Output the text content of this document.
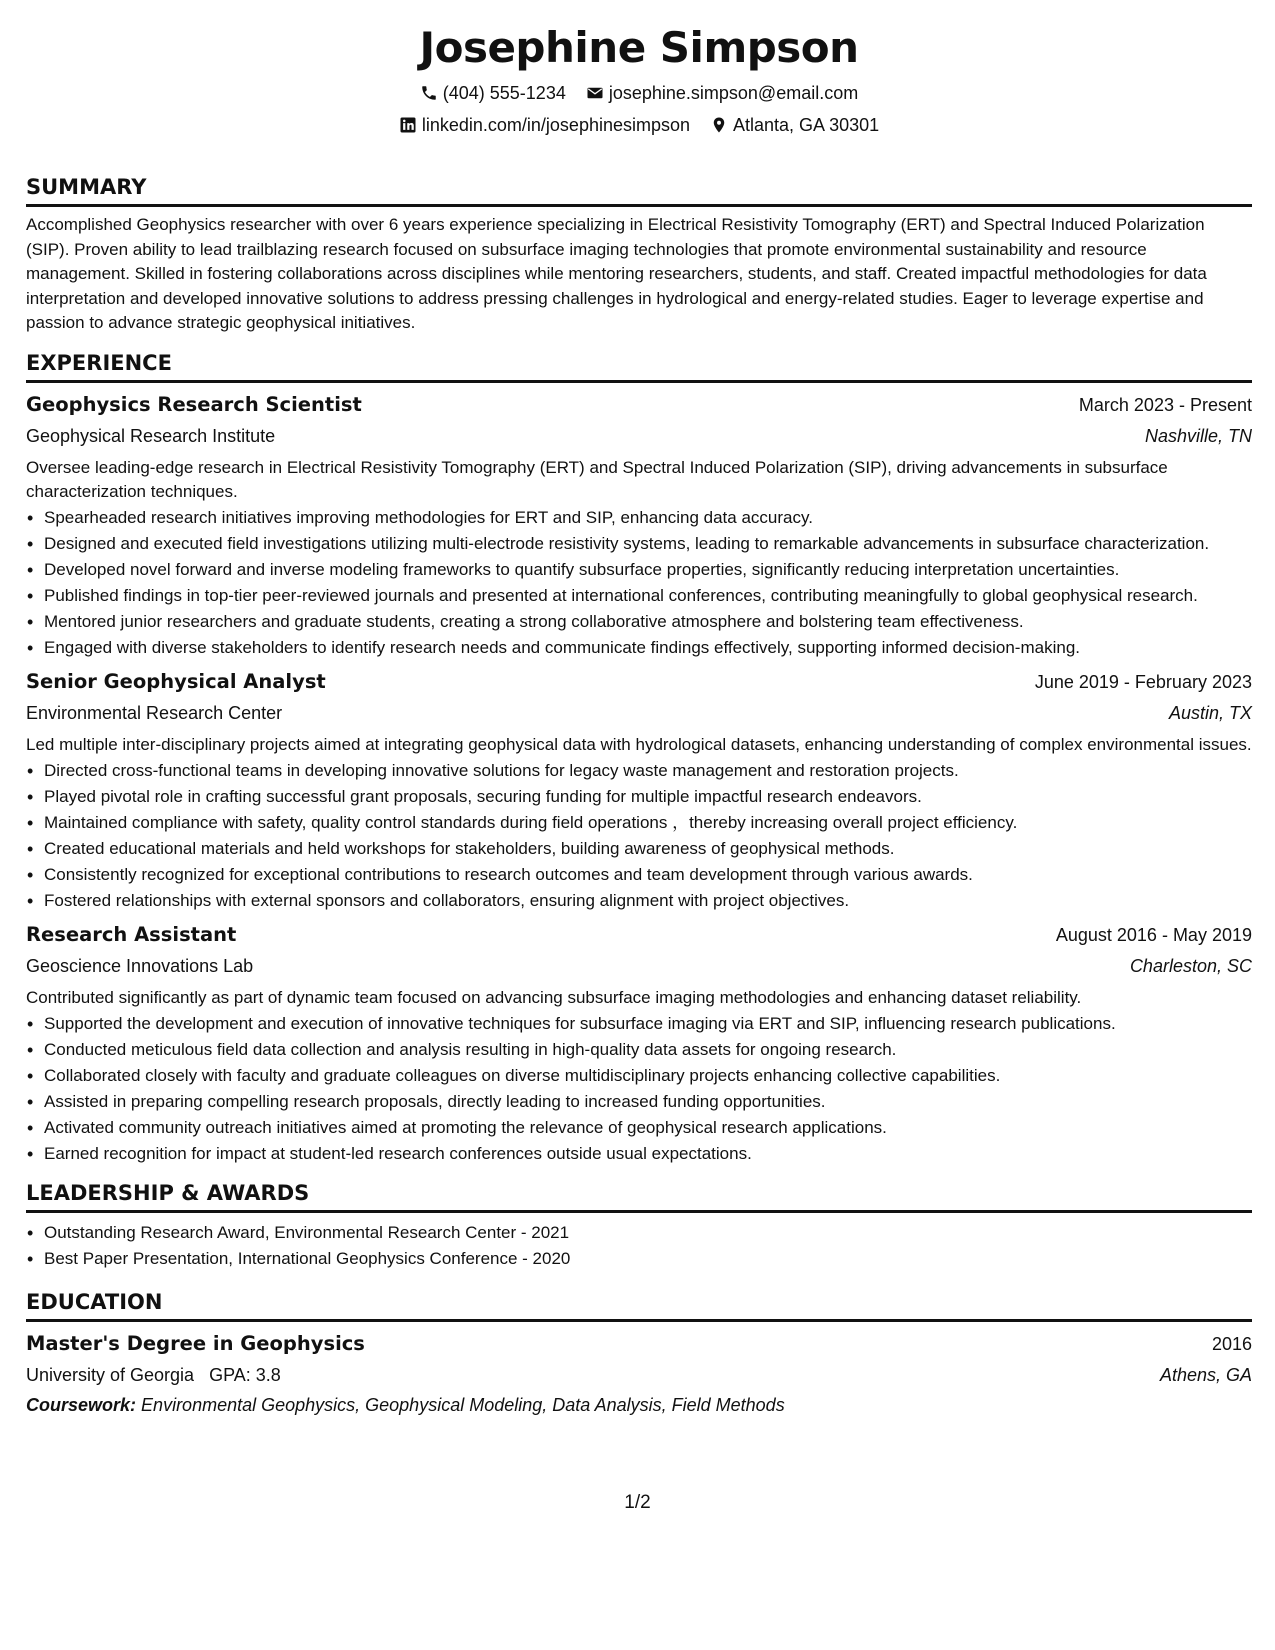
Josephine Simpson
(404) 555-1234 josephine.simpson@email.com
linkedin.com/in/josephinesimpson Atlanta, GA 30301
SUMMARY
Accomplished Geophysics researcher with over 6 years experience specializing in Electrical Resistivity Tomography (ERT) and Spectral Induced Polarization (SIP). Proven ability to lead trailblazing research focused on subsurface imaging technologies that promote environmental sustainability and resource management. Skilled in fostering collaborations across disciplines while mentoring researchers, students, and staff. Created impactful methodologies for data interpretation and developed innovative solutions to address pressing challenges in hydrological and energy-related studies. Eager to leverage expertise and passion to advance strategic geophysical initiatives.
EXPERIENCE
Geophysics Research Scientist	March 2023 - Present
Geophysical Research Institute	Nashville, TN
Oversee leading-edge research in Electrical Resistivity Tomography (ERT) and Spectral Induced Polarization (SIP), driving advancements in subsurface characterization techniques.
• Spearheaded research initiatives improving methodologies for ERT and SIP, enhancing data accuracy.
• Designed and executed field investigations utilizing multi-electrode resistivity systems, leading to remarkable advancements in subsurface characterization.
• Developed novel forward and inverse modeling frameworks to quantify subsurface properties, significantly reducing interpretation uncertainties.
• Published findings in top-tier peer-reviewed journals and presented at international conferences, contributing meaningfully to global geophysical research.
• Mentored junior researchers and graduate students, creating a strong collaborative atmosphere and bolstering team effectiveness.
• Engaged with diverse stakeholders to identify research needs and communicate findings effectively, supporting informed decision-making.
Senior Geophysical Analyst	June 2019 - February 2023
Environmental Research Center	Austin, TX
Led multiple inter-disciplinary projects aimed at integrating geophysical data with hydrological datasets, enhancing understanding of complex environmental issues.
• Directed cross-functional teams in developing innovative solutions for legacy waste management and restoration projects.
• Played pivotal role in crafting successful grant proposals, securing funding for multiple impactful research endeavors.
• Maintained compliance with safety, quality control standards during field operations ，thereby increasing overall project efficiency.
• Created educational materials and held workshops for stakeholders, building awareness of geophysical methods.
• Consistently recognized for exceptional contributions to research outcomes and team development through various awards.
• Fostered relationships with external sponsors and collaborators, ensuring alignment with project objectives.
Research Assistant	August 2016 - May 2019
Geoscience Innovations Lab	Charleston, SC
Contributed significantly as part of dynamic team focused on advancing subsurface imaging methodologies and enhancing dataset reliability.
• Supported the development and execution of innovative techniques for subsurface imaging via ERT and SIP, influencing research publications.
• Conducted meticulous field data collection and analysis resulting in high-quality data assets for ongoing research.
• Collaborated closely with faculty and graduate colleagues on diverse multidisciplinary projects enhancing collective capabilities.
• Assisted in preparing compelling research proposals, directly leading to increased funding opportunities.
• Activated community outreach initiatives aimed at promoting the relevance of geophysical research applications.
• Earned recognition for impact at student-led research conferences outside usual expectations.
LEADERSHIP & AWARDS
• Outstanding Research Award, Environmental Research Center - 2021
• Best Paper Presentation, International Geophysics Conference - 2020
EDUCATION
Master's Degree in Geophysics	2016
University of Georgia GPA: 3.8	Athens, GA
Coursework: Environmental Geophysics, Geophysical Modeling, Data Analysis, Field Methods
1/2
